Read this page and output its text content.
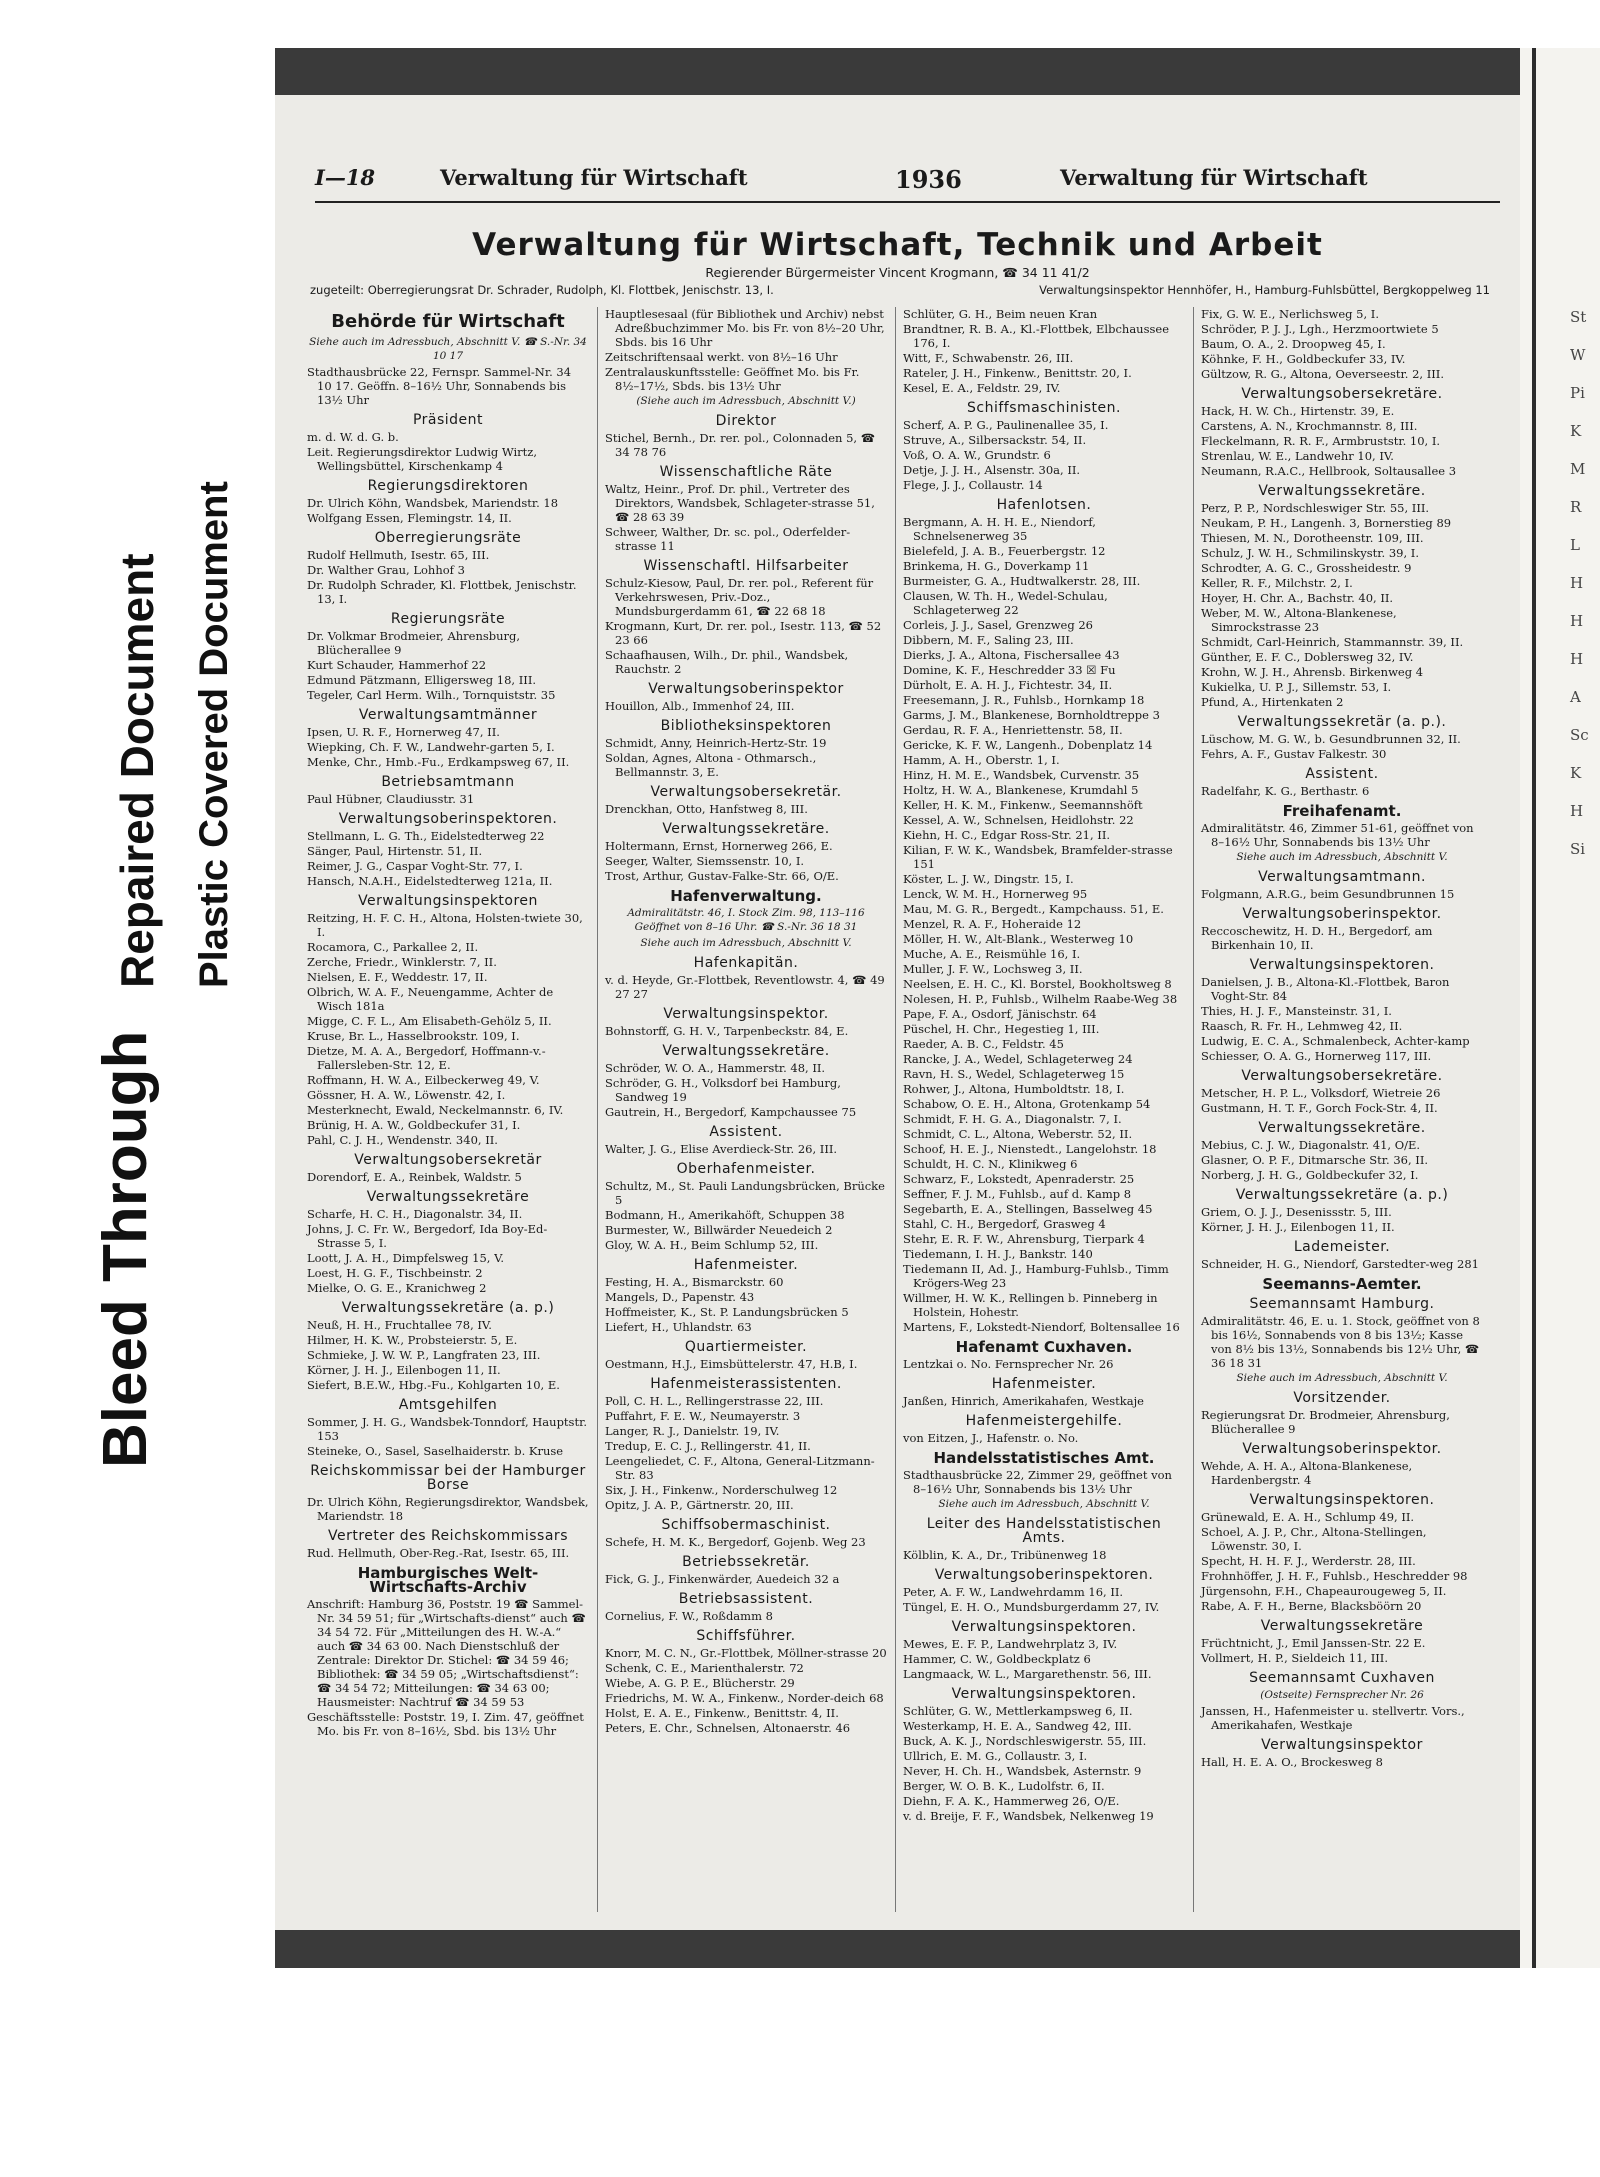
Bleed Through
Repaired Document Plastic Covered Document
St
W
Pi
K
M
R
L
H
H
H
A
Sc
K
H
Si
I—18	Verwaltung für Wirtschaft	1936	Verwaltung für Wirtschaft
Verwaltung für Wirtschaft, Technik und Arbeit
Regierender Bürgermeister Vincent Krogmann, ☎ 34 11 41/2
zugeteilt: Oberregierungsrat Dr. Schrader, Rudolph, Kl. Flottbek, Jenischstr. 13, I.	Verwaltungsinspektor Hennhöfer, H., Hamburg-Fuhlsbüttel, Bergkoppelweg 11
Behörde für Wirtschaft
Siehe auch im Adressbuch, Abschnitt V. ☎ S.-Nr. 34 10 17
Stadthausbrücke 22, Fernspr. Sammel-Nr. 34 10 17. Geöffn. 8–16½ Uhr, Sonnabends bis 13½ Uhr
Präsident
m. d. W. d. G. b.
Leit. Regierungsdirektor Ludwig Wirtz, Wellingsbüttel, Kirschenkamp 4
Regierungsdirektoren
Dr. Ulrich Köhn, Wandsbek, Mariendstr. 18
Wolfgang Essen, Flemingstr. 14, II.
Oberregierungsräte
Rudolf Hellmuth, Isestr. 65, III.
Dr. Walther Grau, Lohhof 3
Dr. Rudolph Schrader, Kl. Flottbek, Jenischstr. 13, I.
Regierungsräte
Dr. Volkmar Brodmeier, Ahrensburg, Blücherallee 9
Kurt Schauder, Hammerhof 22
Edmund Pätzmann, Elligersweg 18, III.
Tegeler, Carl Herm. Wilh., Tornquiststr. 35
Verwaltungsamtmänner
Ipsen, U. R. F., Hornerweg 47, II.
Wiepking, Ch. F. W., Landwehr-garten 5, I.
Menke, Chr., Hmb.-Fu., Erdkampsweg 67, II.
Betriebsamtmann
Paul Hübner, Claudiusstr. 31
Verwaltungsoberinspektoren.
Stellmann, L. G. Th., Eidelstedterweg 22
Sänger, Paul, Hirtenstr. 51, II.
Reimer, J. G., Caspar Voght-Str. 77, I.
Hansch, N.A.H., Eidelstedterweg 121a, II.
Verwaltungsinspektoren
Reitzing, H. F. C. H., Altona, Holsten-twiete 30, I.
Rocamora, C., Parkallee 2, II.
Zerche, Friedr., Winklerstr. 7, II.
Nielsen, E. F., Weddestr. 17, II.
Olbrich, W. A. F., Neuengamme, Achter de Wisch 181a
Migge, C. F. L., Am Elisabeth-Gehölz 5, II.
Kruse, Br. L., Hasselbrookstr. 109, I.
Dietze, M. A. A., Bergedorf, Hoffmann-v.-Fallersleben-Str. 12, E.
Roffmann, H. W. A., Eilbeckerweg 49, V.
Gössner, H. A. W., Löwenstr. 42, I.
Mesterknecht, Ewald, Neckelmannstr. 6, IV.
Brünig, H. A. W., Goldbeckufer 31, I.
Pahl, C. J. H., Wendenstr. 340, II.
Verwaltungsobersekretär
Dorendorf, E. A., Reinbek, Waldstr. 5
Verwaltungssekretäre
Scharfe, H. C. H., Diagonalstr. 34, II.
Johns, J. C. Fr. W., Bergedorf, Ida Boy-Ed-Strasse 5, I.
Loott, J. A. H., Dimpfelsweg 15, V.
Loest, H. G. F., Tischbeinstr. 2
Mielke, O. G. E., Kranichweg 2
Verwaltungssekretäre (a. p.)
Neuß, H. H., Fruchtallee 78, IV.
Hilmer, H. K. W., Probsteierstr. 5, E.
Schmieke, J. W. W. P., Langfraten 23, III.
Körner, J. H. J., Eilenbogen 11, II.
Siefert, B.E.W., Hbg.-Fu., Kohlgarten 10, E.
Amtsgehilfen
Sommer, J. H. G., Wandsbek-Tonndorf, Hauptstr. 153
Steineke, O., Sasel, Saselhaiderstr. b. Kruse
Reichskommissar bei der Hamburger Borse
Dr. Ulrich Köhn, Regierungsdirektor, Wandsbek, Mariendstr. 18
Vertreter des Reichskommissars
Rud. Hellmuth, Ober-Reg.-Rat, Isestr. 65, III.
Hamburgisches Welt-Wirtschafts-Archiv
Anschrift: Hamburg 36, Poststr. 19 ☎ Sammel-Nr. 34 59 51; für „Wirtschafts-dienst“ auch ☎ 34 54 72. Für „Mitteilungen des H. W.-A.“ auch ☎ 34 63 00. Nach Dienstschluß der Zentrale: Direktor Dr. Stichel: ☎ 34 59 46; Bibliothek: ☎ 34 59 05; „Wirtschaftsdienst“: ☎ 34 54 72; Mitteilungen: ☎ 34 63 00; Hausmeister: Nachtruf ☎ 34 59 53
Geschäftsstelle: Poststr. 19, I. Zim. 47, geöffnet Mo. bis Fr. von 8–16½, Sbd. bis 13½ Uhr
Hauptlesesaal (für Bibliothek und Archiv) nebst Adreßbuchzimmer Mo. bis Fr. von 8½–20 Uhr, Sbds. bis 16 Uhr
Zeitschriftensaal werkt. von 8½–16 Uhr
Zentralauskunftsstelle: Geöffnet Mo. bis Fr. 8½–17½, Sbds. bis 13½ Uhr
(Siehe auch im Adressbuch, Abschnitt V.)
Direktor
Stichel, Bernh., Dr. rer. pol., Colonnaden 5, ☎ 34 78 76
Wissenschaftliche Räte
Waltz, Heinr., Prof. Dr. phil., Vertreter des Direktors, Wandsbek, Schlageter-strasse 51, ☎ 28 63 39
Schweer, Walther, Dr. sc. pol., Oderfelder-strasse 11
Wissenschaftl. Hilfsarbeiter
Schulz-Kiesow, Paul, Dr. rer. pol., Referent für Verkehrswesen, Priv.-Doz., Mundsburgerdamm 61, ☎ 22 68 18
Krogmann, Kurt, Dr. rer. pol., Isestr. 113, ☎ 52 23 66
Schaafhausen, Wilh., Dr. phil., Wandsbek, Rauchstr. 2
Verwaltungsoberinspektor
Houillon, Alb., Immenhof 24, III.
Bibliotheksinspektoren
Schmidt, Anny, Heinrich-Hertz-Str. 19
Soldan, Agnes, Altona - Othmarsch., Bellmannstr. 3, E.
Verwaltungsobersekretär.
Drenckhan, Otto, Hanfstweg 8, III.
Verwaltungssekretäre.
Holtermann, Ernst, Hornerweg 266, E.
Seeger, Walter, Siemssenstr. 10, I.
Trost, Arthur, Gustav-Falke-Str. 66, O/E.
Hafenverwaltung.
Admiralitätstr. 46, I. Stock Zim. 98, 113–116 Geöffnet von 8–16 Uhr. ☎ S.-Nr. 36 18 31
Siehe auch im Adressbuch, Abschnitt V.
Hafenkapitän.
v. d. Heyde, Gr.-Flottbek, Reventlowstr. 4, ☎ 49 27 27
Verwaltungsinspektor.
Bohnstorff, G. H. V., Tarpenbeckstr. 84, E.
Verwaltungssekretäre.
Schröder, W. O. A., Hammerstr. 48, II.
Schröder, G. H., Volksdorf bei Hamburg, Sandweg 19
Gautrein, H., Bergedorf, Kampchaussee 75
Assistent.
Walter, J. G., Elise Averdieck-Str. 26, III.
Oberhafenmeister.
Schultz, M., St. Pauli Landungsbrücken, Brücke 5
Bodmann, H., Amerikahöft, Schuppen 38
Burmester, W., Billwärder Neuedeich 2
Gloy, W. A. H., Beim Schlump 52, III.
Hafenmeister.
Festing, H. A., Bismarckstr. 60
Mangels, D., Papenstr. 43
Hoffmeister, K., St. P. Landungsbrücken 5
Liefert, H., Uhlandstr. 63
Quartiermeister.
Oestmann, H.J., Eimsbüttelerstr. 47, H.B, I.
Hafenmeisterassistenten.
Poll, C. H. L., Rellingerstrasse 22, III.
Puffahrt, F. E. W., Neumayerstr. 3
Langer, R. J., Danielstr. 19, IV.
Tredup, E. C. J., Rellingerstr. 41, II.
Leengeliedet, C. F., Altona, General-Litzmann-Str. 83
Six, J. H., Finkenw., Norderschulweg 12
Opitz, J. A. P., Gärtnerstr. 20, III.
Schiffsobermaschinist.
Schefe, H. M. K., Bergedorf, Gojenb. Weg 23
Betriebssekretär.
Fick, G. J., Finkenwärder, Auedeich 32 a
Betriebsassistent.
Cornelius, F. W., Roßdamm 8
Schiffsführer.
Knorr, M. C. N., Gr.-Flottbek, Möllner-strasse 20
Schenk, C. E., Marienthalerstr. 72
Wiebe, A. G. P. E., Blücherstr. 29
Friedrichs, M. W. A., Finkenw., Norder-deich 68
Holst, E. A. E., Finkenw., Benittstr. 4, II.
Peters, E. Chr., Schnelsen, Altonaerstr. 46
Schlüter, G. H., Beim neuen Kran
Brandtner, R. B. A., Kl.-Flottbek, Elbchaussee 176, I.
Witt, F., Schwabenstr. 26, III.
Rateler, J. H., Finkenw., Benittstr. 20, I.
Kesel, E. A., Feldstr. 29, IV.
Schiffsmaschinisten.
Scherf, A. P. G., Paulinenallee 35, I.
Struve, A., Silbersackstr. 54, II.
Voß, O. A. W., Grundstr. 6
Detje, J. J. H., Alsenstr. 30a, II.
Flege, J. J., Collaustr. 14
Hafenlotsen.
Bergmann, A. H. H. E., Niendorf, Schnelsenerweg 35
Bielefeld, J. A. B., Feuerbergstr. 12
Brinkema, H. G., Doverkamp 11
Burmeister, G. A., Hudtwalkerstr. 28, III.
Clausen, W. Th. H., Wedel-Schulau, Schlageterweg 22
Corleis, J. J., Sasel, Grenzweg 26
Dibbern, M. F., Saling 23, III.
Dierks, J. A., Altona, Fischersallee 43
Domine, K. F., Heschredder 33 ☒ Fu
Dürholt, E. A. H. J., Fichtestr. 34, II.
Freesemann, J. R., Fuhlsb., Hornkamp 18
Garms, J. M., Blankenese, Bornholdtreppe 3
Gerdau, R. F. A., Henriettenstr. 58, II.
Gericke, K. F. W., Langenh., Dobenplatz 14
Hamm, A. H., Oberstr. 1, I.
Hinz, H. M. E., Wandsbek, Curvenstr. 35
Holtz, H. W. A., Blankenese, Krumdahl 5
Keller, H. K. M., Finkenw., Seemannshöft
Kessel, A. W., Schnelsen, Heidlohstr. 22
Kiehn, H. C., Edgar Ross-Str. 21, II.
Kilian, F. W. K., Wandsbek, Bramfelder-strasse 151
Köster, L. J. W., Dingstr. 15, I.
Lenck, W. M. H., Hornerweg 95
Mau, M. G. R., Bergedt., Kampchauss. 51, E.
Menzel, R. A. F., Hoheraide 12
Möller, H. W., Alt-Blank., Westerweg 10
Muche, A. E., Reismühle 16, I.
Muller, J. F. W., Lochsweg 3, II.
Neelsen, E. H. C., Kl. Borstel, Bookholtsweg 8
Nolesen, H. P., Fuhlsb., Wilhelm Raabe-Weg 38
Pape, F. A., Osdorf, Jänischstr. 64
Püschel, H. Chr., Hegestieg 1, III.
Raeder, A. B. C., Feldstr. 45
Rancke, J. A., Wedel, Schlageterweg 24
Ravn, H. S., Wedel, Schlageterweg 15
Rohwer, J., Altona, Humboldtstr. 18, I.
Schabow, O. E. H., Altona, Grotenkamp 54
Schmidt, F. H. G. A., Diagonalstr. 7, I.
Schmidt, C. L., Altona, Weberstr. 52, II.
Schoof, H. E. J., Nienstedt., Langelohstr. 18
Schuldt, H. C. N., Klinikweg 6
Schwarz, F., Lokstedt, Apenraderstr. 25
Seffner, F. J. M., Fuhlsb., auf d. Kamp 8
Segebarth, E. A., Stellingen, Basselweg 45
Stahl, C. H., Bergedorf, Grasweg 4
Stehr, E. R. F. W., Ahrensburg, Tierpark 4
Tiedemann, I. H. J., Bankstr. 140
Tiedemann II, Ad. J., Hamburg-Fuhlsb., Timm Krögers-Weg 23
Willmer, H. W. K., Rellingen b. Pinneberg in Holstein, Hohestr.
Martens, F., Lokstedt-Niendorf, Boltensallee 16
Hafenamt Cuxhaven.
Lentzkai o. No. Fernsprecher Nr. 26
Hafenmeister.
Janßen, Hinrich, Amerikahafen, Westkaje
Hafenmeistergehilfe.
von Eitzen, J., Hafenstr. o. No.
Handelsstatistisches Amt.
Stadthausbrücke 22, Zimmer 29, geöffnet von 8–16½ Uhr, Sonnabends bis 13½ Uhr
Siehe auch im Adressbuch, Abschnitt V.
Leiter des Handelsstatistischen Amts.
Kölblin, K. A., Dr., Tribünenweg 18
Verwaltungsoberinspektoren.
Peter, A. F. W., Landwehrdamm 16, II.
Tüngel, E. H. O., Mundsburgerdamm 27, IV.
Verwaltungsinspektoren.
Mewes, E. F. P., Landwehrplatz 3, IV.
Hammer, C. W., Goldbeckplatz 6
Langmaack, W. L., Margarethenstr. 56, III.
Verwaltungsinspektoren.
Schlüter, G. W., Mettlerkampsweg 6, II.
Westerkamp, H. E. A., Sandweg 42, III.
Buck, A. K. J., Nordschleswigerstr. 55, III.
Ullrich, E. M. G., Collaustr. 3, I.
Never, H. Ch. H., Wandsbek, Asternstr. 9
Berger, W. O. B. K., Ludolfstr. 6, II.
Diehn, F. A. K., Hammerweg 26, O/E.
v. d. Breije, F. F., Wandsbek, Nelkenweg 19
Fix, G. W. E., Nerlichsweg 5, I.
Schröder, P. J. J., Lgh., Herzmoortwiete 5
Baum, O. A., 2. Droopweg 45, I.
Köhnke, F. H., Goldbeckufer 33, IV.
Gültzow, R. G., Altona, Oeverseestr. 2, III.
Verwaltungsobersekretäre.
Hack, H. W. Ch., Hirtenstr. 39, E.
Carstens, A. N., Krochmannstr. 8, III.
Fleckelmann, R. R. F., Armbruststr. 10, I.
Strenlau, W. E., Landwehr 10, IV.
Neumann, R.A.C., Hellbrook, Soltausallee 3
Verwaltungssekretäre.
Perz, P. P., Nordschleswiger Str. 55, III.
Neukam, P. H., Langenh. 3, Bornerstieg 89
Thiesen, M. N., Dorotheenstr. 109, III.
Schulz, J. W. H., Schmilinskystr. 39, I.
Schrodter, A. G. C., Grossheidestr. 9
Keller, R. F., Milchstr. 2, I.
Hoyer, H. Chr. A., Bachstr. 40, II.
Weber, M. W., Altona-Blankenese, Simrockstrasse 23
Schmidt, Carl-Heinrich, Stammannstr. 39, II.
Günther, E. F. C., Doblersweg 32, IV.
Krohn, W. J. H., Ahrensb. Birkenweg 4
Kukielka, U. P. J., Sillemstr. 53, I.
Pfund, A., Hirtenkaten 2
Verwaltungssekretär (a. p.).
Lüschow, M. G. W., b. Gesundbrunnen 32, II.
Fehrs, A. F., Gustav Falkestr. 30
Assistent.
Radelfahr, K. G., Berthastr. 6
Freihafenamt.
Admiralitätstr. 46, Zimmer 51-61, geöffnet von 8–16½ Uhr, Sonnabends bis 13½ Uhr
Siehe auch im Adressbuch, Abschnitt V.
Verwaltungsamtmann.
Folgmann, A.R.G., beim Gesundbrunnen 15
Verwaltungsoberinspektor.
Reccoschewitz, H. D. H., Bergedorf, am Birkenhain 10, II.
Verwaltungsinspektoren.
Danielsen, J. B., Altona-Kl.-Flottbek, Baron Voght-Str. 84
Thies, H. J. F., Mansteinstr. 31, I.
Raasch, R. Fr. H., Lehmweg 42, II.
Ludwig, E. C. A., Schmalenbeck, Achter-kamp
Schiesser, O. A. G., Hornerweg 117, III.
Verwaltungsobersekretäre.
Metscher, H. P. L., Volksdorf, Wietreie 26
Gustmann, H. T. F., Gorch Fock-Str. 4, II.
Verwaltungssekretäre.
Mebius, C. J. W., Diagonalstr. 41, O/E.
Glasner, O. P. F., Ditmarsche Str. 36, II.
Norberg, J. H. G., Goldbeckufer 32, I.
Verwaltungssekretäre (a. p.)
Griem, O. J. J., Desenissstr. 5, III.
Körner, J. H. J., Eilenbogen 11, II.
Lademeister.
Schneider, H. G., Niendorf, Garstedter-weg 281
Seemanns-Aemter.
Seemannsamt Hamburg.
Admiralitätstr. 46, E. u. 1. Stock, geöffnet von 8 bis 16½, Sonnabends von 8 bis 13½; Kasse von 8½ bis 13½, Sonnabends bis 12½ Uhr, ☎ 36 18 31
Siehe auch im Adressbuch, Abschnitt V.
Vorsitzender.
Regierungsrat Dr. Brodmeier, Ahrensburg, Blücherallee 9
Verwaltungsoberinspektor.
Wehde, A. H. A., Altona-Blankenese, Hardenbergstr. 4
Verwaltungsinspektoren.
Grünewald, E. A. H., Schlump 49, II.
Schoel, A. J. P., Chr., Altona-Stellingen, Löwenstr. 30, I.
Specht, H. H. F. J., Werderstr. 28, III.
Frohnhöffer, J. H. F., Fuhlsb., Heschredder 98
Jürgensohn, F.H., Chapeaurougeweg 5, II.
Rabe, A. F. H., Berne, Blacksböörn 20
Verwaltungssekretäre
Früchtnicht, J., Emil Janssen-Str. 22 E.
Vollmert, H. P., Sieldeich 11, III.
Seemannsamt Cuxhaven
(Ostseite) Fernsprecher Nr. 26
Janssen, H., Hafenmeister u. stellvertr. Vors., Amerikahafen, Westkaje
Verwaltungsinspektor
Hall, H. E. A. O., Brockesweg 8
